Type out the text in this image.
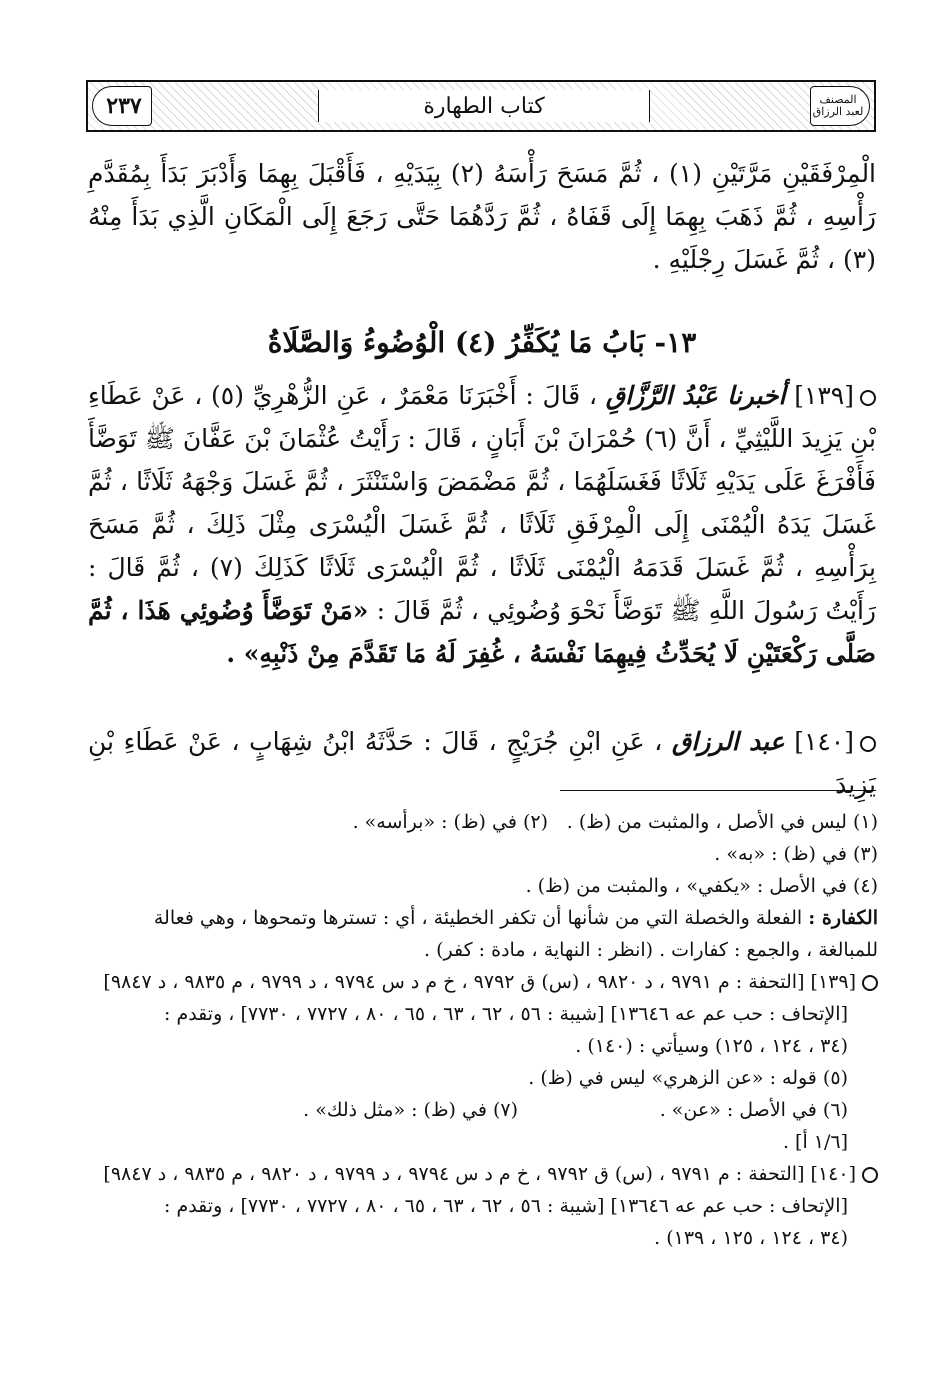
المصنف لعبد الرزاق
كتاب الطهارة
٢٣٧

الْمِرْفَقَيْنِ مَرَّتَيْنِ (١) ، ثُمَّ مَسَحَ رَأْسَهُ (٢) بِيَدَيْهِ ، فَأَقْبَلَ بِهِمَا وَأَدْبَرَ بَدَأَ بِمُقَدَّمِ رَأْسِهِ ، ثُمَّ ذَهَبَ بِهِمَا إِلَى قَفَاهُ ، ثُمَّ رَدَّهُمَا حَتَّى رَجَعَ إِلَى الْمَكَانِ الَّذِي بَدَأَ مِنْهُ (٣) ، ثُمَّ غَسَلَ رِجْلَيْهِ .

١٣- بَابُ مَا يُكَفِّرُ (٤) الْوُضُوءُ وَالصَّلَاةُ

[١٣٩] أخبرنا عَبْدُ الرَّزَّاقِ ، قَالَ : أَخْبَرَنَا مَعْمَرٌ ، عَنِ الزُّهْرِيِّ (٥) ، عَنْ عَطَاءِ بْنِ يَزِيدَ اللَّيْثِيِّ ، أَنَّ (٦) حُمْرَانَ بْنَ أَبَانٍ ، قَالَ : رَأَيْتُ عُثْمَانَ بْنَ عَفَّانَ ﷺ تَوَضَّأَ فَأَفْرَغَ عَلَى يَدَيْهِ ثَلَاثًا فَغَسَلَهُمَا ، ثُمَّ مَضْمَضَ وَاسْتَنْثَرَ ، ثُمَّ غَسَلَ وَجْهَهُ ثَلَاثًا ، ثُمَّ غَسَلَ يَدَهُ الْيُمْنَى إِلَى الْمِرْفَقِ ثَلَاثًا ، ثُمَّ غَسَلَ الْيُسْرَى مِثْلَ ذَلِكَ ، ثُمَّ مَسَحَ بِرَأْسِهِ ، ثُمَّ غَسَلَ قَدَمَهُ الْيُمْنَى ثَلَاثًا ، ثُمَّ الْيُسْرَى ثَلَاثًا كَذَلِكَ (٧) ، ثُمَّ قَالَ : رَأَيْتُ رَسُولَ اللَّهِ ﷺ تَوَضَّأَ نَحْوَ وُضُوئِي ، ثُمَّ قَالَ : «مَنْ تَوَضَّأَ وُضُوئِي هَذَا ، ثُمَّ صَلَّى رَكْعَتَيْنِ لَا يُحَدِّثُ فِيهِمَا نَفْسَهُ ، غُفِرَ لَهُ مَا تَقَدَّمَ مِنْ ذَنْبِهِ» .

[١٤٠] عبد الرزاق ، عَنِ ابْنِ جُرَيْجٍ ، قَالَ : حَدَّثَهُ ابْنُ شِهَابٍ ، عَنْ عَطَاءِ بْنِ يَزِيدَ

(١) ليس في الأصل ، والمثبت من (ظ) .
(٢) في (ظ) : «برأسه» .
(٣) في (ظ) : «به» .
(٤) في الأصل : «يكفي» ، والمثبت من (ظ) .
الكفارة : الفعلة والخصلة التي من شأنها أن تكفر الخطيئة ، أي : تسترها وتمحوها ، وهي فعالة
للمبالغة ، والجمع : كفارات . (انظر : النهاية ، مادة : كفر) .
[١٣٩] [التحفة : م ٩٧٩١ ، د ٩٨٢٠ ، (س) ق ٩٧٩٢ ، خ م د س ٩٧٩٤ ، د ٩٧٩٩ ، م ٩٨٣٥ ، د ٩٨٤٧]
[الإتحاف : حب عم عه ١٣٦٤٦] [شيبة : ٥٦ ، ٦٢ ، ٦٣ ، ٦٥ ، ٨٠ ، ٧٧٢٧ ، ٧٧٣٠] ، وتقدم :
(٣٤ ، ١٢٤ ، ١٢٥) وسيأتي : (١٤٠) .
(٥) قوله : «عن الزهري» ليس في (ظ) .
(٦) في الأصل : «عن» .
(٧) في (ظ) : «مثل ذلك» .
[١/٦ أ] .
[١٤٠] [التحفة : م ٩٧٩١ ، (س) ق ٩٧٩٢ ، خ م د س ٩٧٩٤ ، د ٩٧٩٩ ، د ٩٨٢٠ ، م ٩٨٣٥ ، د ٩٨٤٧]
[الإتحاف : حب عم عه ١٣٦٤٦] [شيبة : ٥٦ ، ٦٢ ، ٦٣ ، ٦٥ ، ٨٠ ، ٧٧٢٧ ، ٧٧٣٠] ، وتقدم :
(٣٤ ، ١٢٤ ، ١٢٥ ، ١٣٩) .
